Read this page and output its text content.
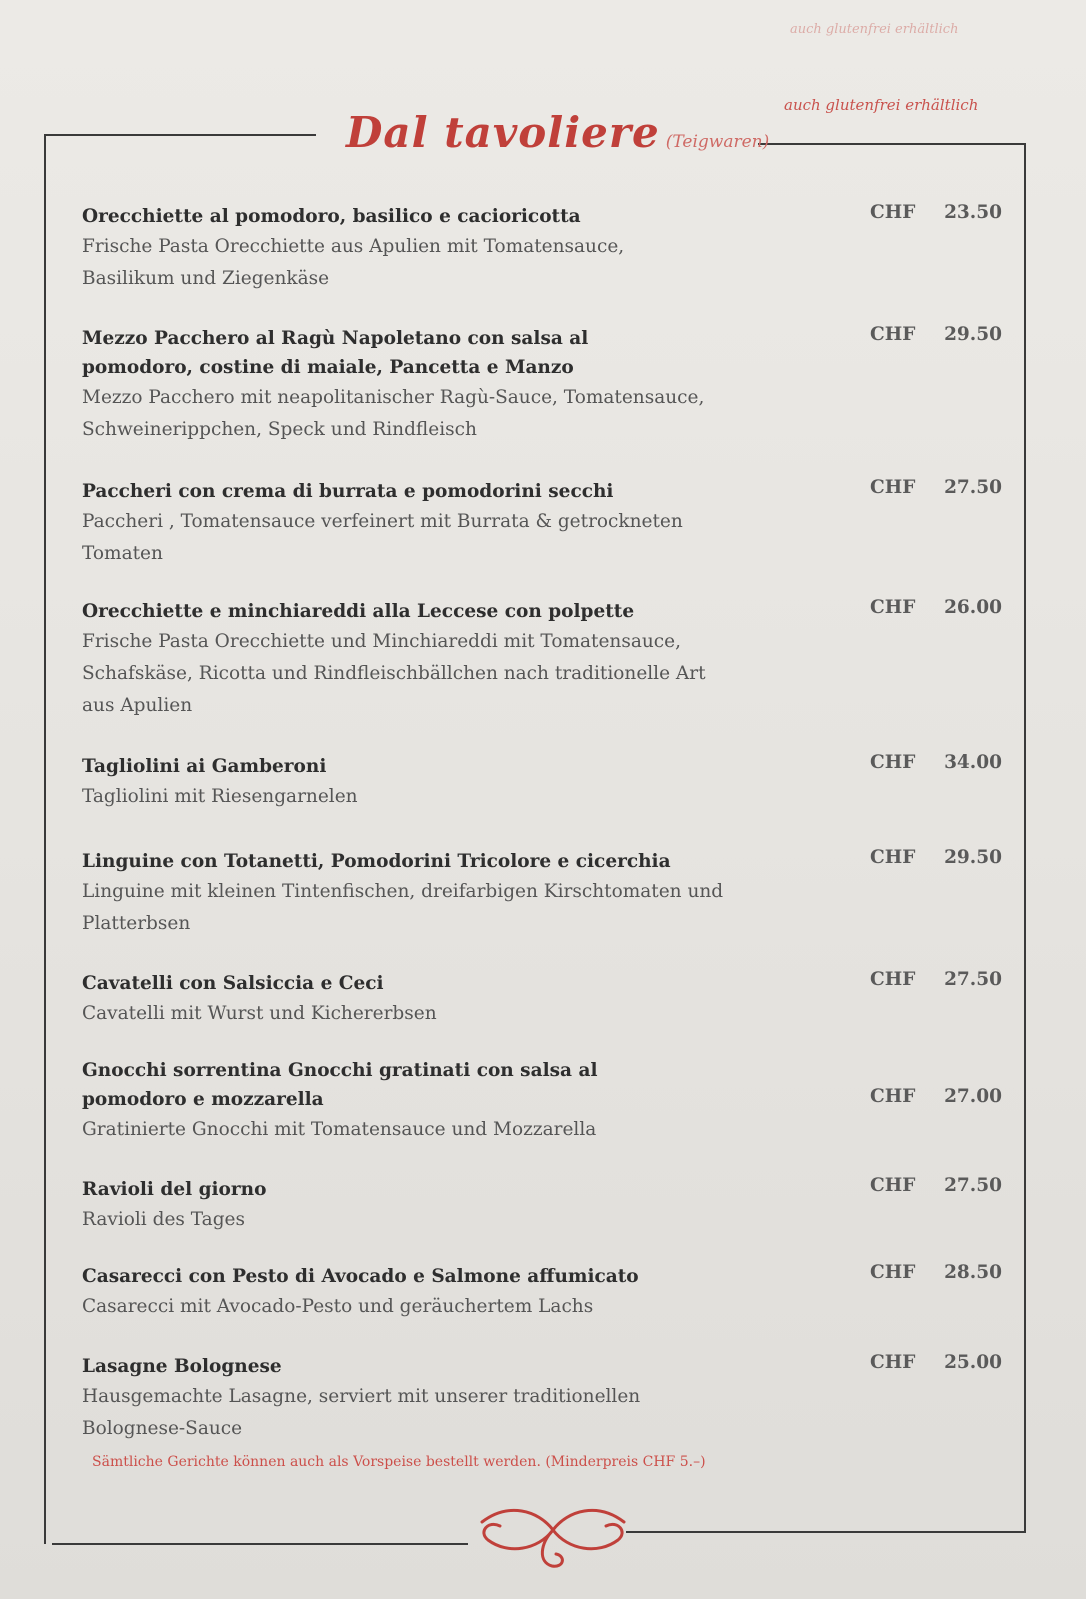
auch glutenfrei erhältlich
auch glutenfrei erhältlich
Dal tavoliere (Teigwaren)
CHF 23.50
Orecchiette al pomodoro, basilico e cacioricotta
Frische Pasta Orecchiette aus Apulien mit Tomatensauce, Basilikum und Ziegenkäse
CHF 29.50
Mezzo Pacchero al Ragù Napoletano con salsa al pomodoro, costine di maiale, Pancetta e Manzo
Mezzo Pacchero mit neapolitanischer Ragù-Sauce, Tomatensauce, Schweinerippchen, Speck und Rindfleisch
CHF 27.50
Paccheri con crema di burrata e pomodorini secchi
Paccheri , Tomatensauce verfeinert mit Burrata & getrockneten Tomaten
CHF 26.00
Orecchiette e minchiareddi alla Leccese con polpette
Frische Pasta Orecchiette und Minchiareddi mit Tomatensauce, Schafskäse, Ricotta und Rindfleischbällchen nach traditionelle Art aus Apulien
CHF 34.00
Tagliolini ai Gamberoni
Tagliolini mit Riesengarnelen
CHF 29.50
Linguine con Totanetti, Pomodorini Tricolore e cicerchia
Linguine mit kleinen Tintenfischen, dreifarbigen Kirschtomaten und Platterbsen
CHF 27.50
Cavatelli con Salsiccia e Ceci
Cavatelli mit Wurst und Kichererbsen
CHF 27.00
Gnocchi sorrentina Gnocchi gratinati con salsa al pomodoro e mozzarella
Gratinierte Gnocchi mit Tomatensauce und Mozzarella
CHF 27.50
Ravioli del giorno
Ravioli des Tages
CHF 28.50
Casarecci con Pesto di Avocado e Salmone affumicato
Casarecci mit Avocado-Pesto und geräuchertem Lachs
CHF 25.00
Lasagne Bolognese
Hausgemachte Lasagne, serviert mit unserer traditionellen Bolognese-Sauce
Sämtliche Gerichte können auch als Vorspeise bestellt werden. (Minderpreis CHF 5.–)
